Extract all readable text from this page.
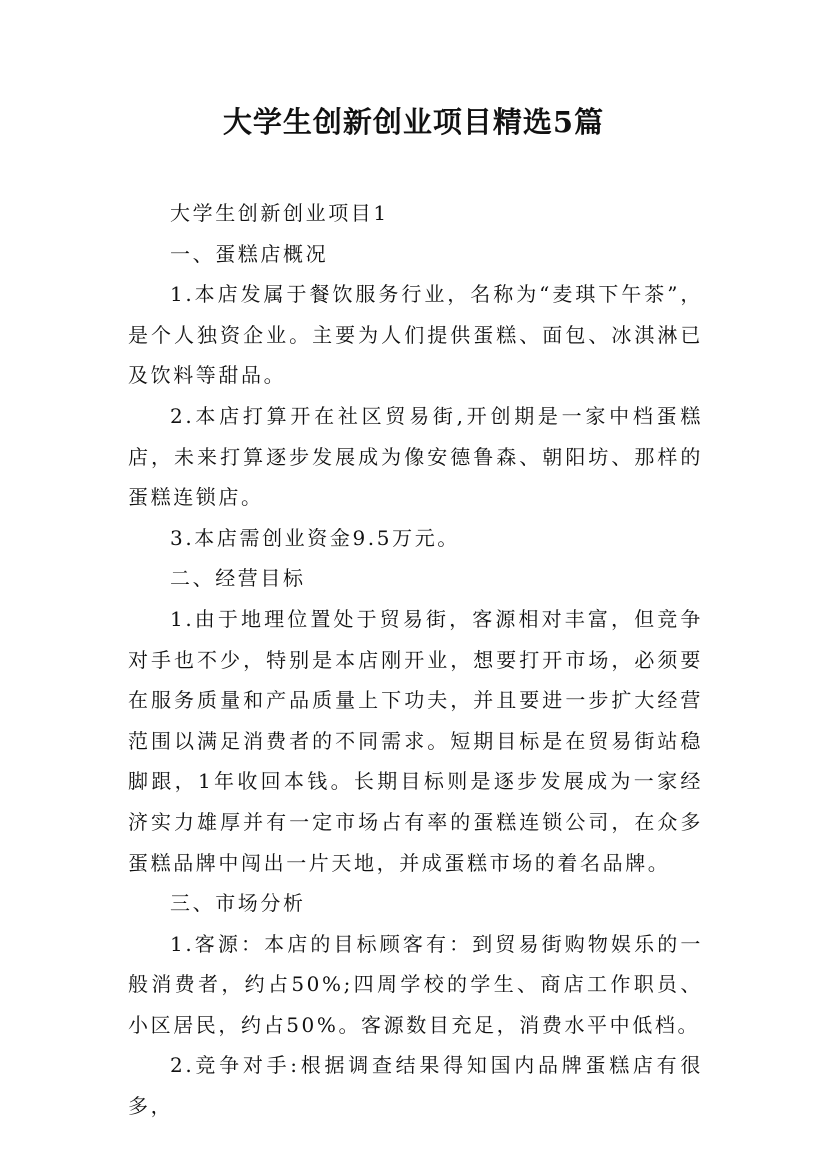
大学生创新创业项目精选5篇

大学生创新创业项目1

一、蛋糕店概况

1.本店发属于餐饮服务行业，名称为“麦琪下午茶”，是个人独资企业。主要为人们提供蛋糕、面包、冰淇淋已及饮料等甜品。

2.本店打算开在社区贸易街,开创期是一家中档蛋糕店，未来打算逐步发展成为像安德鲁森、朝阳坊、那样的蛋糕连锁店。

3.本店需创业资金9.5万元。

二、经营目标

1.由于地理位置处于贸易街，客源相对丰富，但竞争对手也不少，特别是本店刚开业，想要打开市场，必须要在服务质量和产品质量上下功夫，并且要进一步扩大经营范围以满足消费者的不同需求。短期目标是在贸易街站稳脚跟，1年收回本钱。长期目标则是逐步发展成为一家经济实力雄厚并有一定市场占有率的蛋糕连锁公司，在众多蛋糕品牌中闯出一片天地，并成蛋糕市场的着名品牌。

三、市场分析

1.客源：本店的目标顾客有：到贸易街购物娱乐的一般消费者，约占50%;四周学校的学生、商店工作职员、小区居民，约占50%。客源数目充足，消费水平中低档。

2.竞争对手:根据调查结果得知国内品牌蛋糕店有很多，
